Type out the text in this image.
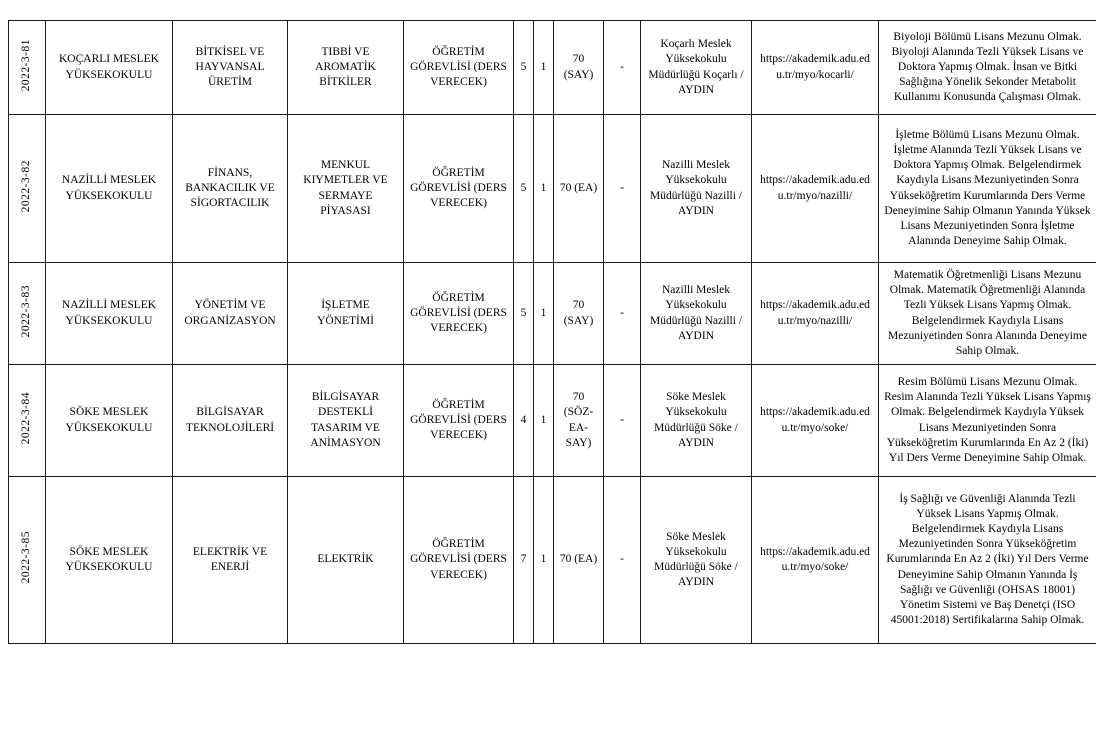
2022-3-81	KOÇARLI MESLEK YÜKSEKOKULU	BİTKİSEL VE HAYVANSAL ÜRETİM	TIBBİ VE AROMATİK BİTKİLER	ÖĞRETİM GÖREVLİSİ (DERS VERECEK)	5	1	70 (SAY)	-	Koçarlı Meslek Yüksekokulu Müdürlüğü Koçarlı / AYDIN	https://akademik.adu.edu.tr/myo/kocarli/	Biyoloji Bölümü Lisans Mezunu Olmak. Biyoloji Alanında Tezli Yüksek Lisans ve Doktora Yapmış Olmak. İnsan ve Bitki Sağlığına Yönelik Sekonder Metabolit Kullanımı Konusunda Çalışması Olmak.
2022-3-82	NAZİLLİ MESLEK YÜKSEKOKULU	FİNANS, BANKACILIK VE SİGORTACILIK	MENKUL KIYMETLER VE SERMAYE PİYASASI	ÖĞRETİM GÖREVLİSİ (DERS VERECEK)	5	1	70 (EA)	-	Nazilli Meslek Yüksekokulu Müdürlüğü Nazilli / AYDIN	https://akademik.adu.edu.tr/myo/nazilli/	İşletme Bölümü Lisans Mezunu Olmak. İşletme Alanında Tezli Yüksek Lisans ve Doktora Yapmış Olmak. Belgelendirmek Kaydıyla Lisans Mezuniyetinden Sonra Yükseköğretim Kurumlarında Ders Verme Deneyimine Sahip Olmanın Yanında Yüksek Lisans Mezuniyetinden Sonra İşletme Alanında Deneyime Sahip Olmak.
2022-3-83	NAZİLLİ MESLEK YÜKSEKOKULU	YÖNETİM VE ORGANİZASYON	İŞLETME YÖNETİMİ	ÖĞRETİM GÖREVLİSİ (DERS VERECEK)	5	1	70 (SAY)	-	Nazilli Meslek Yüksekokulu Müdürlüğü Nazilli / AYDIN	https://akademik.adu.edu.tr/myo/nazilli/	Matematik Öğretmenliği Lisans Mezunu Olmak. Matematik Öğretmenliği Alanında Tezli Yüksek Lisans Yapmış Olmak. Belgelendirmek Kaydıyla Lisans Mezuniyetinden Sonra Alanında Deneyime Sahip Olmak.
2022-3-84	SÖKE MESLEK YÜKSEKOKULU	BİLGİSAYAR TEKNOLOJİLERİ	BİLGİSAYAR DESTEKLİ TASARIM VE ANİMASYON	ÖĞRETİM GÖREVLİSİ (DERS VERECEK)	4	1	70 (SÖZ-EA-SAY)	-	Söke Meslek Yüksekokulu Müdürlüğü Söke / AYDIN	https://akademik.adu.edu.tr/myo/soke/	Resim Bölümü Lisans Mezunu Olmak. Resim Alanında Tezli Yüksek Lisans Yapmış Olmak. Belgelendirmek Kaydıyla Yüksek Lisans Mezuniyetinden Sonra Yükseköğretim Kurumlarında En Az 2 (İki) Yıl Ders Verme Deneyimine Sahip Olmak.
2022-3-85	SÖKE MESLEK YÜKSEKOKULU	ELEKTRİK VE ENERJİ	ELEKTRİK	ÖĞRETİM GÖREVLİSİ (DERS VERECEK)	7	1	70 (EA)	-	Söke Meslek Yüksekokulu Müdürlüğü Söke / AYDIN	https://akademik.adu.edu.tr/myo/soke/	İş Sağlığı ve Güvenliği Alanında Tezli Yüksek Lisans Yapmış Olmak. Belgelendirmek Kaydıyla Lisans Mezuniyetinden Sonra Yükseköğretim Kurumlarında En Az 2 (İki) Yıl Ders Verme Deneyimine Sahip Olmanın Yanında İş Sağlığı ve Güvenliği (OHSAS 18001) Yönetim Sistemi ve Baş Denetçi (ISO 45001:2018) Sertifikalarına Sahip Olmak.
